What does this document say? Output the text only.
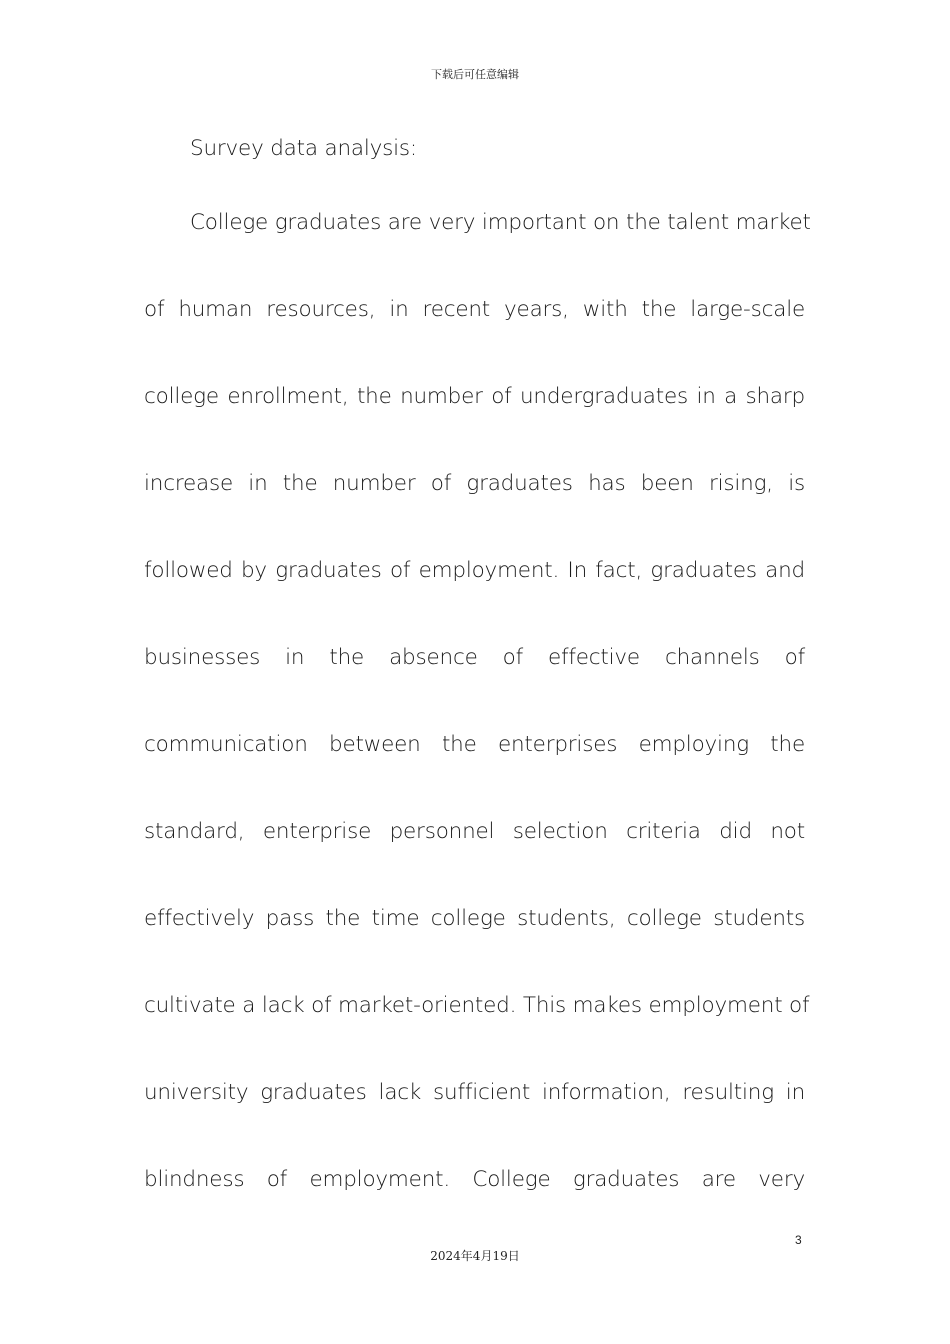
下载后可任意编辑
Survey data analysis:
College graduates are very important on the talent market
of human resources, in recent years, with the large-scale
college enrollment, the number of undergraduates in a sharp
increase in the number of graduates has been rising, is
followed by graduates of employment. In fact, graduates and
businesses in the absence of effective channels of
communication between the enterprises employing the
standard, enterprise personnel selection criteria did not
effectively pass the time college students, college students
cultivate a lack of market-oriented. This makes employment of
university graduates lack sufficient information, resulting in
blindness of employment. College graduates are very
3
2024年4月19日
